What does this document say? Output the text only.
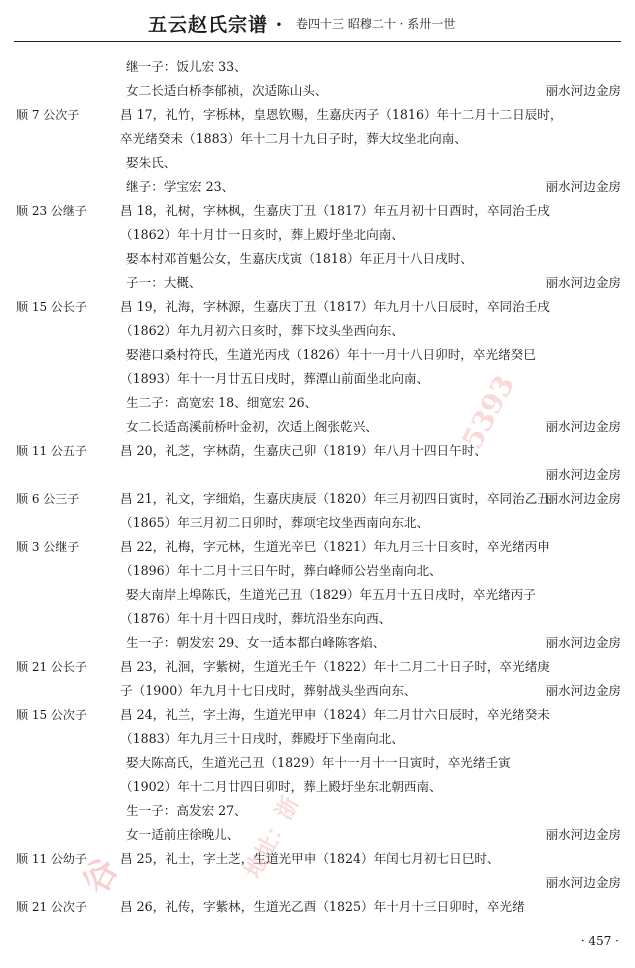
五云赵氏宗谱 · 卷四十三 昭穆二十 · 系卅一世
继一子：饭儿宏 33、
女二长适白桥李郁祯，次适陈山头、
昌 17，礼竹，字栎林，皇恩钦赐，生嘉庆丙子（1816）年十二月十二日辰时，
卒光绪癸未（1883）年十二月十九日子时，葬大坟坐北向南、
娶朱氏、
继子：学宝宏 23、
昌 18，礼树，字林枫，生嘉庆丁丑（1817）年五月初十日酉时，卒同治壬戌
（1862）年十月廿一日亥时，葬上殿圩坐北向南、
娶本村邓首魁公女，生嘉庆戊寅（1818）年正月十八日戌时、
子一：大概、
昌 19，礼海，字林源，生嘉庆丁丑（1817）年九月十八日辰时，卒同治壬戌
（1862）年九月初六日亥时，葬下坟头坐西向东、
娶港口桑村符氏，生道光丙戌（1826）年十一月十八日卯时，卒光绪癸巳
（1893）年十一月廿五日戌时，葬潭山前面坐北向南、
生二子：高宽宏 18、细宽宏 26、
女二长适高溪前桥叶金初，次适上阁张乾兴、
昌 20，礼芝，字林荫，生嘉庆己卯（1819）年八月十四日午时、
昌 21，礼文，字细焰，生嘉庆庚辰（1820）年三月初四日寅时，卒同治乙丑
（1865）年三月初二日卯时，葬项宅坟坐西南向东北、
昌 22，礼梅，字元林，生道光辛巳（1821）年九月三十日亥时，卒光绪丙申
（1896）年十二月十三日午时，葬白峰师公岩坐南向北、
娶大南岸上埠陈氏，生道光己丑（1829）年五月十五日戌时，卒光绪丙子
（1876）年十月十四日戌时，葬坑沿坐东向西、
生一子：朝发宏 29、女一适本都白峰陈客焰、
昌 23，礼洄，字紫树，生道光壬午（1822）年十二月二十日子时，卒光绪庚
子（1900）年九月十七日戌时，葬射战头坐西向东、
昌 24，礼兰，字土海，生道光甲申（1824）年二月廿六日辰时，卒光绪癸未
（1883）年九月三十日戌时，葬殿圩下坐南向北、
娶大陈高氏，生道光己丑（1829）年十一月十一日寅时，卒光绪壬寅
（1902）年十二月廿四日卯时，葬上殿圩坐东北朝西南、
生一子：高发宏 27、
女一适前庄徐晚儿、
昌 25，礼士，字土芝，生道光甲申（1824）年闰七月初七日巳时、
昌 26，礼传，字紫林，生道光乙酉（1825）年十月十三日卯时，卒光绪
顺 7 公次子
顺 23 公继子
顺 15 公长子
顺 11 公五子
顺 6 公三子
顺 3 公继子
顺 21 公长子
顺 15 公次子
顺 11 公幼子
顺 21 公次子
丽水河边金房
丽水河边金房
丽水河边金房
丽水河边金房
丽水河边金房
丽水河边金房
丽水河边金房
丽水河边金房
丽水河边金房
丽水河边金房
谷	地址：浙
5393
· 457 ·
